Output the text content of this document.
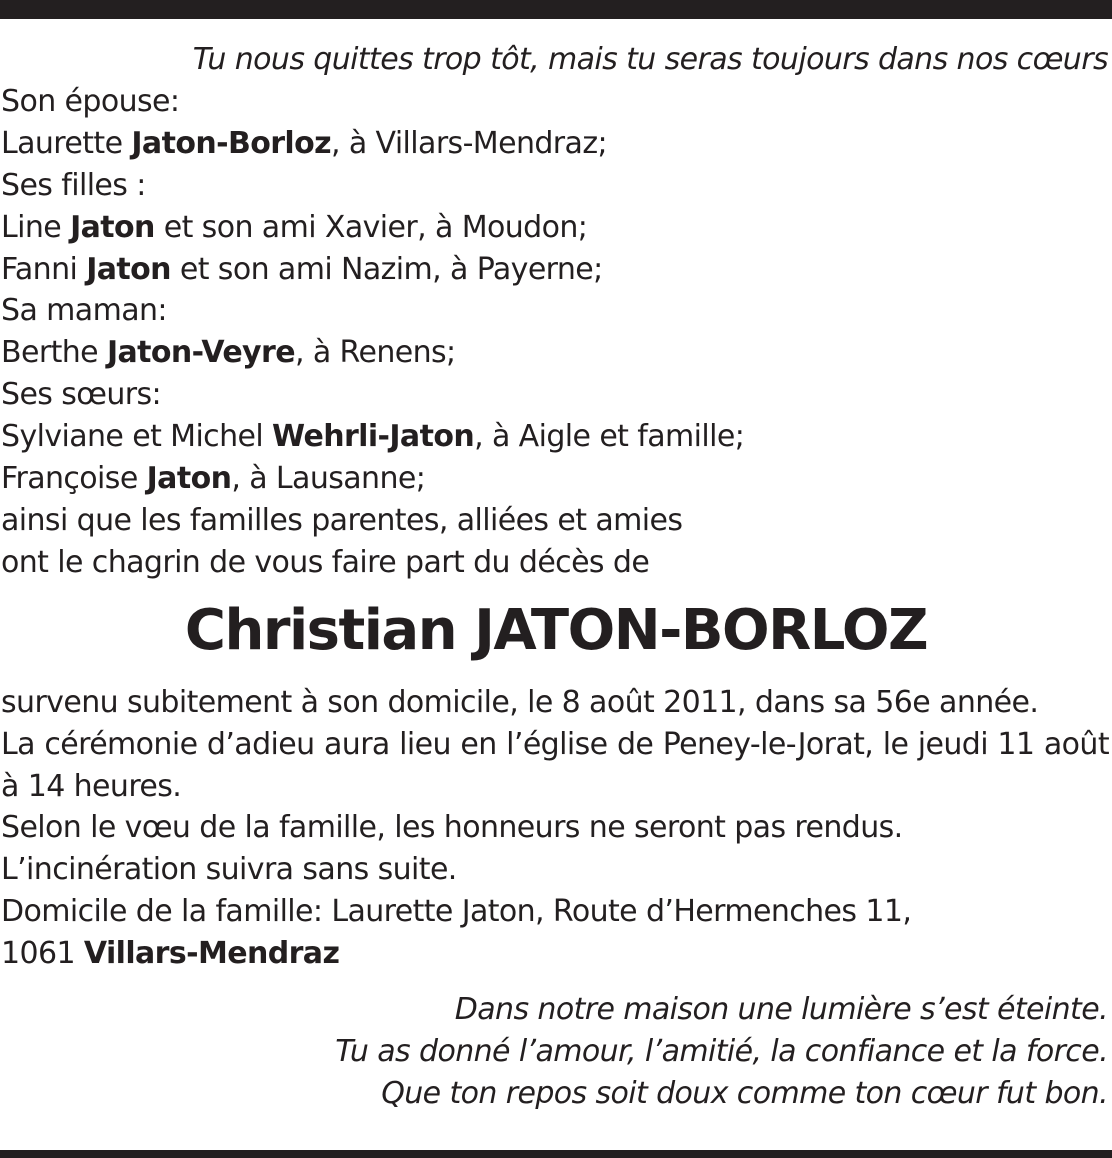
Tu nous quittes trop tôt, mais tu seras toujours dans nos cœurs
Son épouse:
Laurette Jaton-Borloz, à Villars-Mendraz;
Ses filles :
Line Jaton et son ami Xavier, à Moudon;
Fanni Jaton et son ami Nazim, à Payerne;
Sa maman:
Berthe Jaton-Veyre, à Renens;
Ses sœurs:
Sylviane et Michel Wehrli-Jaton, à Aigle et famille;
Françoise Jaton, à Lausanne;
ainsi que les familles parentes, alliées et amies
ont le chagrin de vous faire part du décès de
Christian JATON-BORLOZ
survenu subitement à son domicile, le 8 août 2011, dans sa 56e année.
La cérémonie d’adieu aura lieu en l’église de Peney-le-Jorat, le jeudi 11 août à 14 heures.
Selon le vœu de la famille, les honneurs ne seront pas rendus.
L’incinération suivra sans suite.
Domicile de la famille: Laurette Jaton, Route d’Hermenches 11,
1061 Villars-Mendraz
Dans notre maison une lumière s’est éteinte.
Tu as donné l’amour, l’amitié, la confiance et la force.
Que ton repos soit doux comme ton cœur fut bon.
